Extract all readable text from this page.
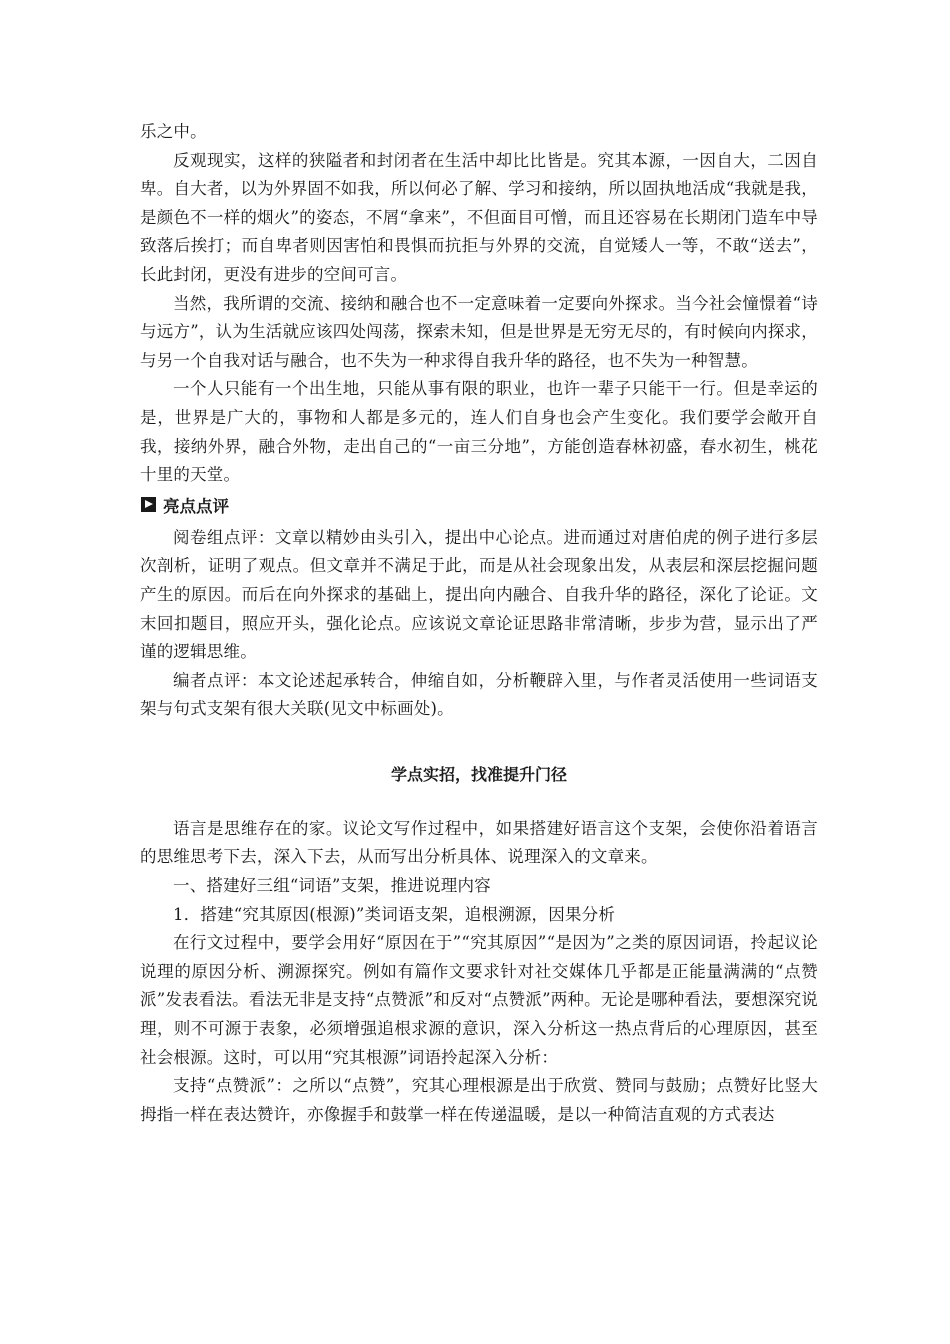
乐之中。

反观现实，这样的狭隘者和封闭者在生活中却比比皆是。究其本源，一因自大，二因自卑。自大者，以为外界固不如我，所以何必了解、学习和接纳，所以固执地活成“我就是我，是颜色不一样的烟火”的姿态，不屑“拿来”，不但面目可憎，而且还容易在长期闭门造车中导致落后挨打；而自卑者则因害怕和畏惧而抗拒与外界的交流，自觉矮人一等，不敢“送去”，长此封闭，更没有进步的空间可言。

当然，我所谓的交流、接纳和融合也不一定意味着一定要向外探求。当今社会憧憬着“诗与远方”，认为生活就应该四处闯荡，探索未知，但是世界是无穷无尽的，有时候向内探求，与另一个自我对话与融合，也不失为一种求得自我升华的路径，也不失为一种智慧。

一个人只能有一个出生地，只能从事有限的职业，也许一辈子只能干一行。但是幸运的是，世界是广大的，事物和人都是多元的，连人们自身也会产生变化。我们要学会敞开自我，接纳外界，融合外物，走出自己的“一亩三分地”，方能创造春林初盛，春水初生，桃花十里的天堂。

亮点点评

阅卷组点评：文章以精妙由头引入，提出中心论点。进而通过对唐伯虎的例子进行多层次剖析，证明了观点。但文章并不满足于此，而是从社会现象出发，从表层和深层挖掘问题产生的原因。而后在向外探求的基础上，提出向内融合、自我升华的路径，深化了论证。文末回扣题目，照应开头，强化论点。应该说文章论证思路非常清晰，步步为营，显示出了严谨的逻辑思维。

编者点评：本文论述起承转合，伸缩自如，分析鞭辟入里，与作者灵活使用一些词语支架与句式支架有很大关联(见文中标画处)。

学点实招，找准提升门径

语言是思维存在的家。议论文写作过程中，如果搭建好语言这个支架，会使你沿着语言的思维思考下去，深入下去，从而写出分析具体、说理深入的文章来。

一、搭建好三组“词语”支架，推进说理内容

1．搭建“究其原因(根源)”类词语支架，追根溯源，因果分析

在行文过程中，要学会用好“原因在于”“究其原因”“是因为”之类的原因词语，拎起议论说理的原因分析、溯源探究。例如有篇作文要求针对社交媒体几乎都是正能量满满的“点赞派”发表看法。看法无非是支持“点赞派”和反对“点赞派”两种。无论是哪种看法，要想深究说理，则不可源于表象，必须增强追根求源的意识，深入分析这一热点背后的心理原因，甚至社会根源。这时，可以用“究其根源”词语拎起深入分析：

支持“点赞派”：之所以“点赞”，究其心理根源是出于欣赏、赞同与鼓励；点赞好比竖大拇指一样在表达赞许，亦像握手和鼓掌一样在传递温暖，是以一种简洁直观的方式表达
